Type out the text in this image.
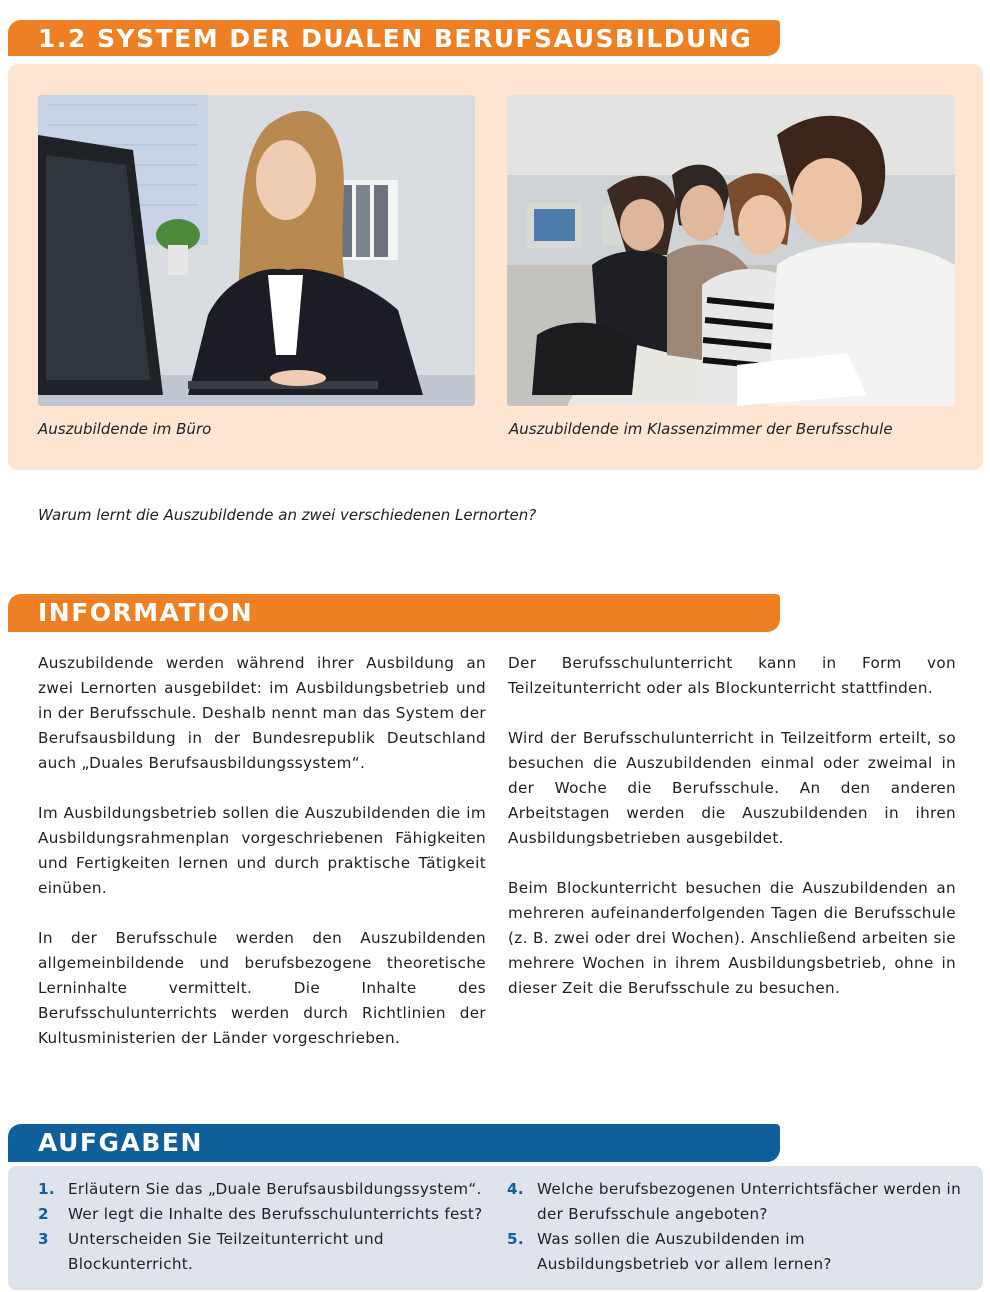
1.2 SYSTEM DER DUALEN BERUFSAUSBILDUNG
Auszubildende im Büro	Auszubildende im Klassenzimmer der Berufsschule
Warum lernt die Auszubildende an zwei verschiedenen Lernorten?
INFORMATION

Auszubildende werden während ihrer Ausbildung an zwei Lernorten ausgebildet: im Ausbildungsbetrieb und in der Berufsschule. Deshalb nennt man das System der Berufsausbildung in der Bundesrepublik Deutschland auch „Duales Berufsausbildungssystem“.

Im Ausbildungsbetrieb sollen die Auszubildenden die im Ausbildungsrahmenplan vorgeschriebenen Fähigkeiten und Fertigkeiten lernen und durch praktische Tätigkeit einüben.

In der Berufsschule werden den Auszubildenden allgemeinbildende und berufsbezogene theoretische Lerninhalte vermittelt. Die Inhalte des Berufsschulunterrichts werden durch Richtlinien der Kultusministerien der Länder vorgeschrieben.

Der Berufsschulunterricht kann in Form von Teilzeitunterricht oder als Blockunterricht stattfinden.

Wird der Berufsschulunterricht in Teilzeitform erteilt, so besuchen die Auszubildenden einmal oder zweimal in der Woche die Berufsschule. An den anderen Arbeitstagen werden die Auszubildenden in ihren Ausbildungsbetrieben ausgebildet.

Beim Blockunterricht besuchen die Auszubildenden an mehreren aufeinanderfolgenden Tagen die Berufsschule (z. B. zwei oder drei Wochen). Anschließend arbeiten sie mehrere Wochen in ihrem Ausbildungsbetrieb, ohne in dieser Zeit die Berufsschule zu besuchen.

AUFGABEN
1. Erläutern Sie das „Duale Berufsausbildungssystem“.
2	Wer legt die Inhalte des Berufsschulunterrichts fest?
3	Unterscheiden Sie Teilzeitunterricht und Blockunterricht.
4. Welche berufsbezogenen Unterrichtsfächer werden in der Berufsschule angeboten?
5. Was sollen die Auszubildenden im Ausbildungsbetrieb vor allem lernen?
